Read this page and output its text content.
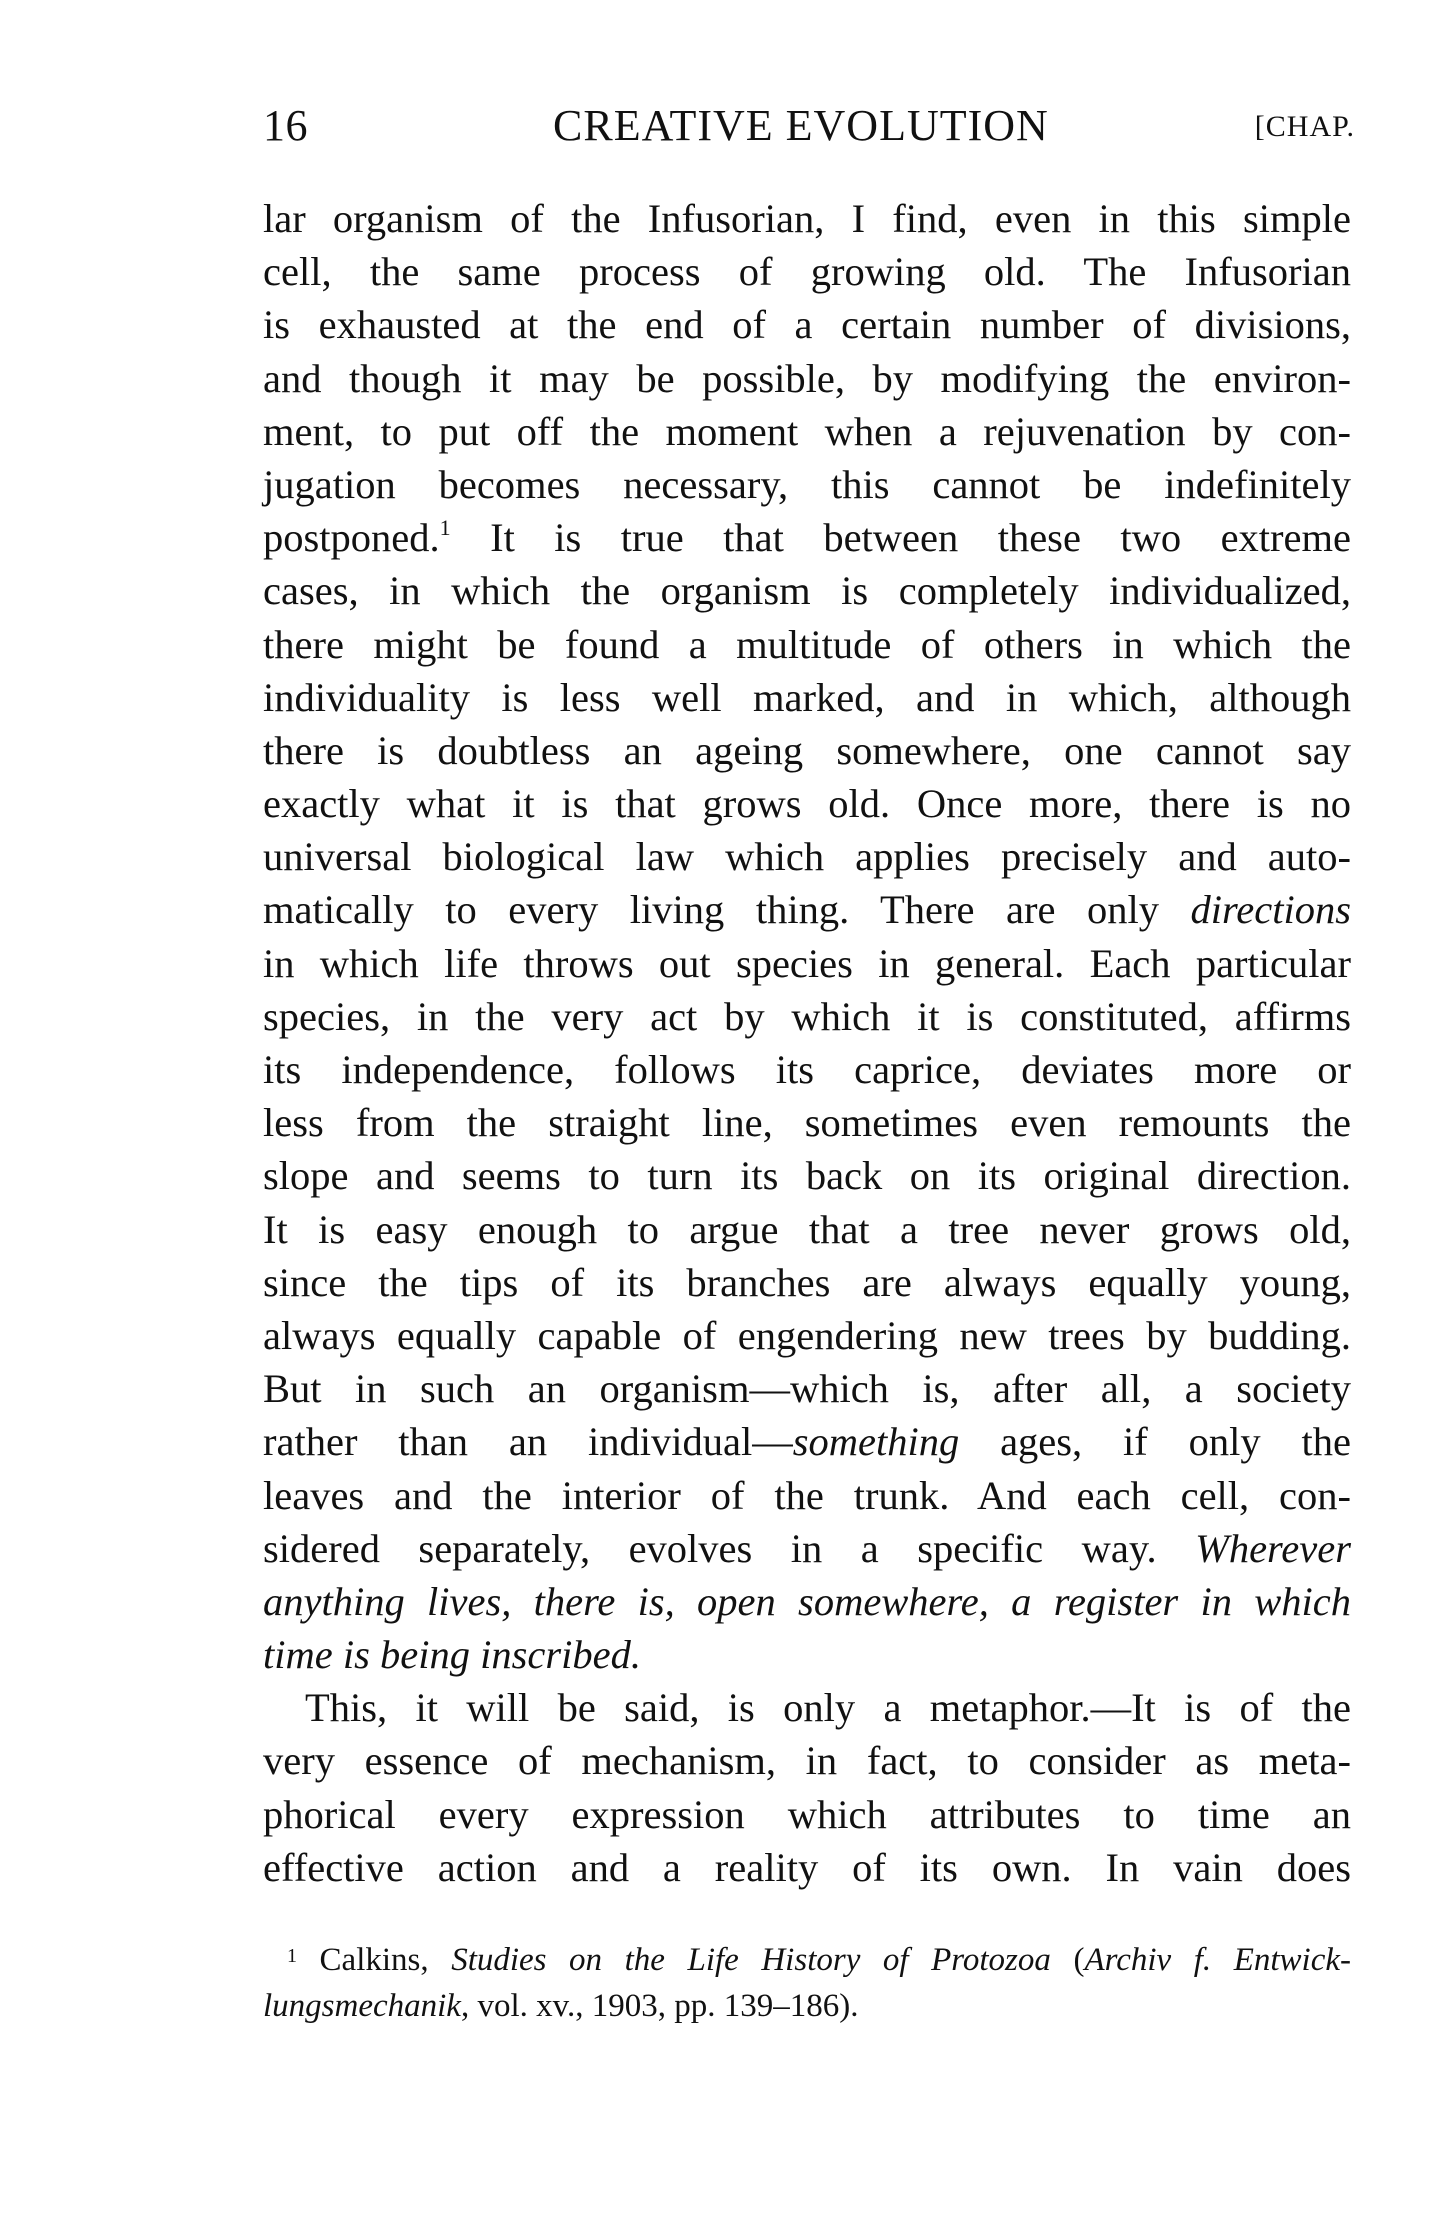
16	CREATIVE EVOLUTION	[CHAP.
lar organism of the Infusorian, I find, even in this simple
cell, the same process of growing old. The Infusorian
is exhausted at the end of a certain number of divisions,
and though it may be possible, by modifying the environ-
ment, to put off the moment when a rejuvenation by con-
jugation becomes necessary, this cannot be indefinitely
postponed.$^1$ It is true that between these two extreme
cases, in which the organism is completely individualized,
there might be found a multitude of others in which the
individuality is less well marked, and in which, although
there is doubtless an ageing somewhere, one cannot say
exactly what it is that grows old. Once more, there is no
universal biological law which applies precisely and auto-
matically to every living thing. There are only directions
in which life throws out species in general. Each particular
species, in the very act by which it is constituted, affirms
its independence, follows its caprice, deviates more or
less from the straight line, sometimes even remounts the
slope and seems to turn its back on its original direction.
It is easy enough to argue that a tree never grows old,
since the tips of its branches are always equally young,
always equally capable of engendering new trees by budding.
But in such an organism—which is, after all, a society
rather than an individual—something ages, if only the
leaves and the interior of the trunk. And each cell, con-
sidered separately, evolves in a specific way. Wherever
anything lives, there is, open somewhere, a register in which
time is being inscribed.
This, it will be said, is only a metaphor.—It is of the
very essence of mechanism, in fact, to consider as meta-
phorical every expression which attributes to time an
effective action and a reality of its own. In vain does
$^1$ Calkins, Studies on the Life History of Protozoa (Archiv f. Entwick-
lungsmechanik, vol. xv., 1903, pp. 139–186).
